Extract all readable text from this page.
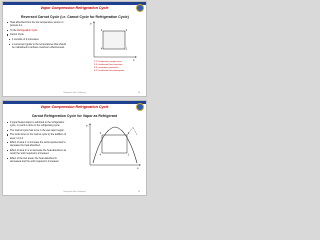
Vapor Compression Refrigeration Cycle
Reversed Carnot Cycle (i.e. Carnot Cycle for Refrigeration Cycle)
Heat absorbed from the low temperature source to process 4-1.
To the Refrigeration Cycle
Carnot Cycle
it consists of 2 processes
a convenient guide to the temperatures that should be maintained to achieve maximum effectiveness.
T
s
1
2
3
4
1-2: Isothermal compression
2-3: Isothermal heat rejection
3-4: Isentropic expansion
4-1: Isothermal heat absorption
Refrigeration & Air Conditioning	14
Vapor Compression Refrigeration Cycle
Carnot Refrigeration Cycle for Vapor as Refrigerant
If superheated vapor is admitted to the refrigeration cycle, no work is done in the refrigerating cycle.
The Carnot Cycle has to be in the wet vapor region.
The work done on the Carnot cycle by the addition of area = 2-3-4.
Effect of area 1: to increase the work required and to decrease the heat absorbed.
Effect of area 2: is to decrease the heat absorbed, as result the work required is increased.
Effect of the two areas: the heat absorbed is decreased and the work required is increased.
T
s
1
2
3
4
Refrigeration & Air Conditioning	15
